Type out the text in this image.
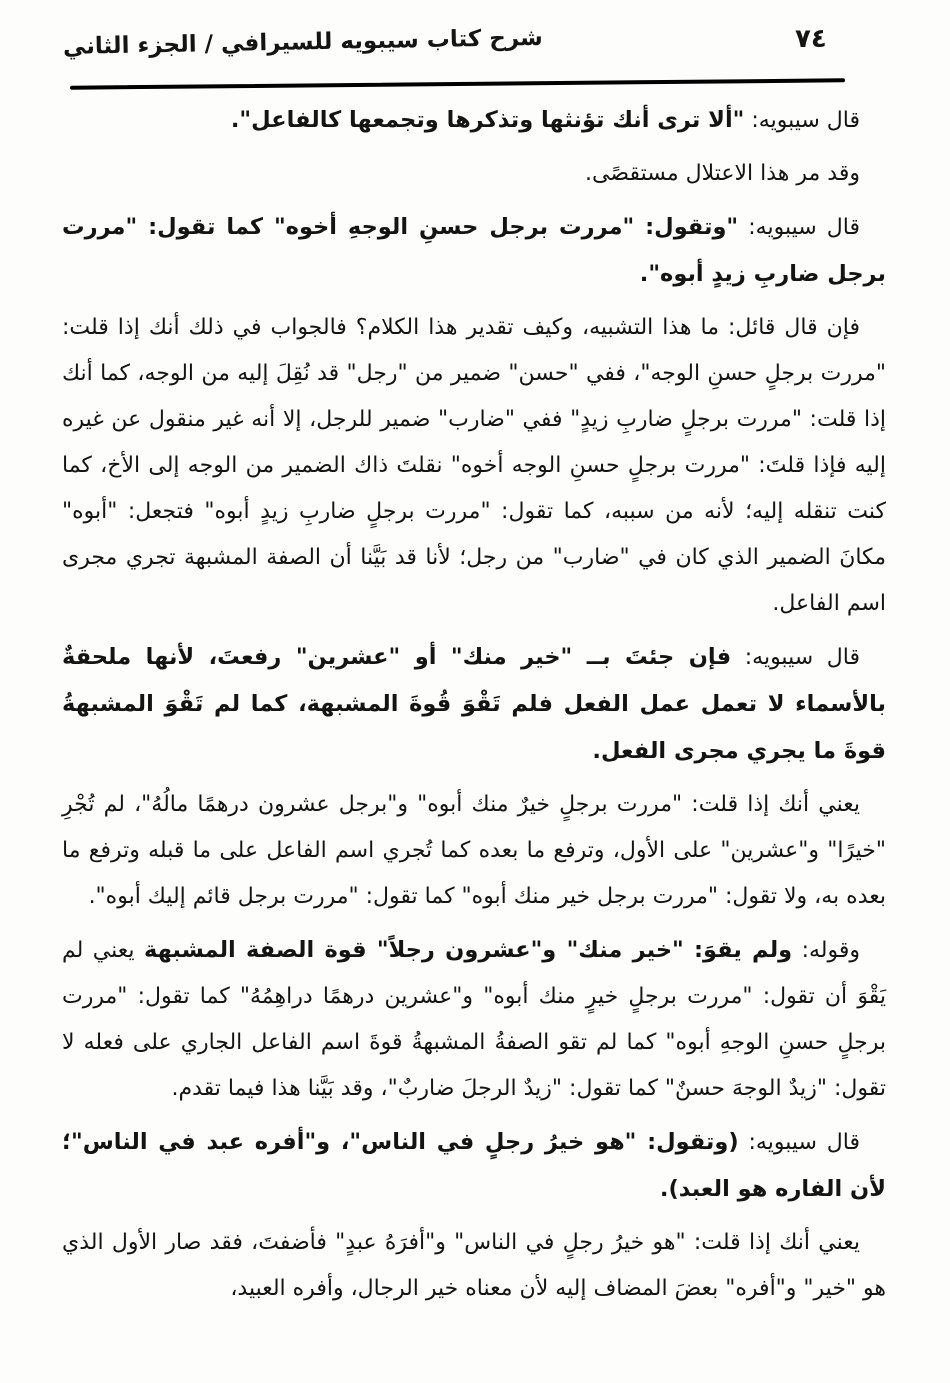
شرح كتاب سيبويه للسيرافي / الجزء الثاني	٧٤

قال سيبويه: "ألا ترى أنك تؤنثها وتذكرها وتجمعها كالفاعل".

وقد مر هذا الاعتلال مستقصًى.

قال سيبويه: "وتقول: "مررت برجل حسنِ الوجهِ أخوه" كما تقول: "مررت برجل ضاربِ زيدٍ أبوه".

فإن قال قائل: ما هذا التشبيه، وكيف تقدير هذا الكلام؟ فالجواب في ذلك أنك إذا قلت: "مررت برجلٍ حسنِ الوجه"، ففي "حسن" ضمير من "رجل" قد نُقِلَ إليه من الوجه، كما أنك إذا قلت: "مررت برجلٍ ضاربِ زيدٍ" ففي "ضارب" ضمير للرجل، إلا أنه غير منقول عن غيره إليه فإذا قلتَ: "مررت برجلٍ حسنِ الوجه أخوه" نقلتَ ذاك الضمير من الوجه إلى الأخ، كما كنت تنقله إليه؛ لأنه من سببه، كما تقول: "مررت برجلٍ ضاربِ زيدٍ أبوه" فتجعل: "أبوه" مكانَ الضمير الذي كان في "ضارب" من رجل؛ لأنا قد بَيَّنا أن الصفة المشبهة تجري مجرى اسم الفاعل.

قال سيبويه: فإن جئتَ بــ "خير منك" أو "عشرين" رفعتَ، لأنها ملحقةٌ بالأسماء لا تعمل عمل الفعل فلم تَقْوَ قُوةَ المشبهة، كما لم تَقْوَ المشبهةُ قوةَ ما يجري مجرى الفعل.

يعني أنك إذا قلت: "مررت برجلٍ خيرٌ منك أبوه" و"برجل عشرون درهمًا مالُهُ"، لم تُجْرِ "خيرًا" و"عشرين" على الأول، وترفع ما بعده كما تُجري اسم الفاعل على ما قبله وترفع ما بعده به، ولا تقول: "مررت برجل خير منك أبوه" كما تقول: "مررت برجل قائم إليك أبوه".

وقوله: ولم يقوَ: "خير منك" و"عشرون رجلاً" قوة الصفة المشبهة يعني لم يَقْوَ أن تقول: "مررت برجلٍ خيرٍ منك أبوه" و"عشرين درهمًا دراهِمُهُ" كما تقول: "مررت برجلٍ حسنِ الوجهِ أبوه" كما لم تقو الصفةُ المشبهةُ قوةَ اسم الفاعل الجاري على فعله لا تقول: "زيدٌ الوجهَ حسنٌ" كما تقول: "زيدٌ الرجلَ ضاربٌ"، وقد بَيَّنا هذا فيما تقدم.

قال سيبويه: (وتقول: "هو خيرُ رجلٍ في الناس"، و"أفره عبد في الناس"؛ لأن الفاره هو العبد).

يعني أنك إذا قلت: "هو خيرُ رجلٍ في الناس" و"أفرَهُ عبدٍ" فأضفتَ، فقد صار الأول الذي هو "خير" و"أفره" بعضَ المضاف إليه لأن معناه خير الرجال، وأفره العبيد،
